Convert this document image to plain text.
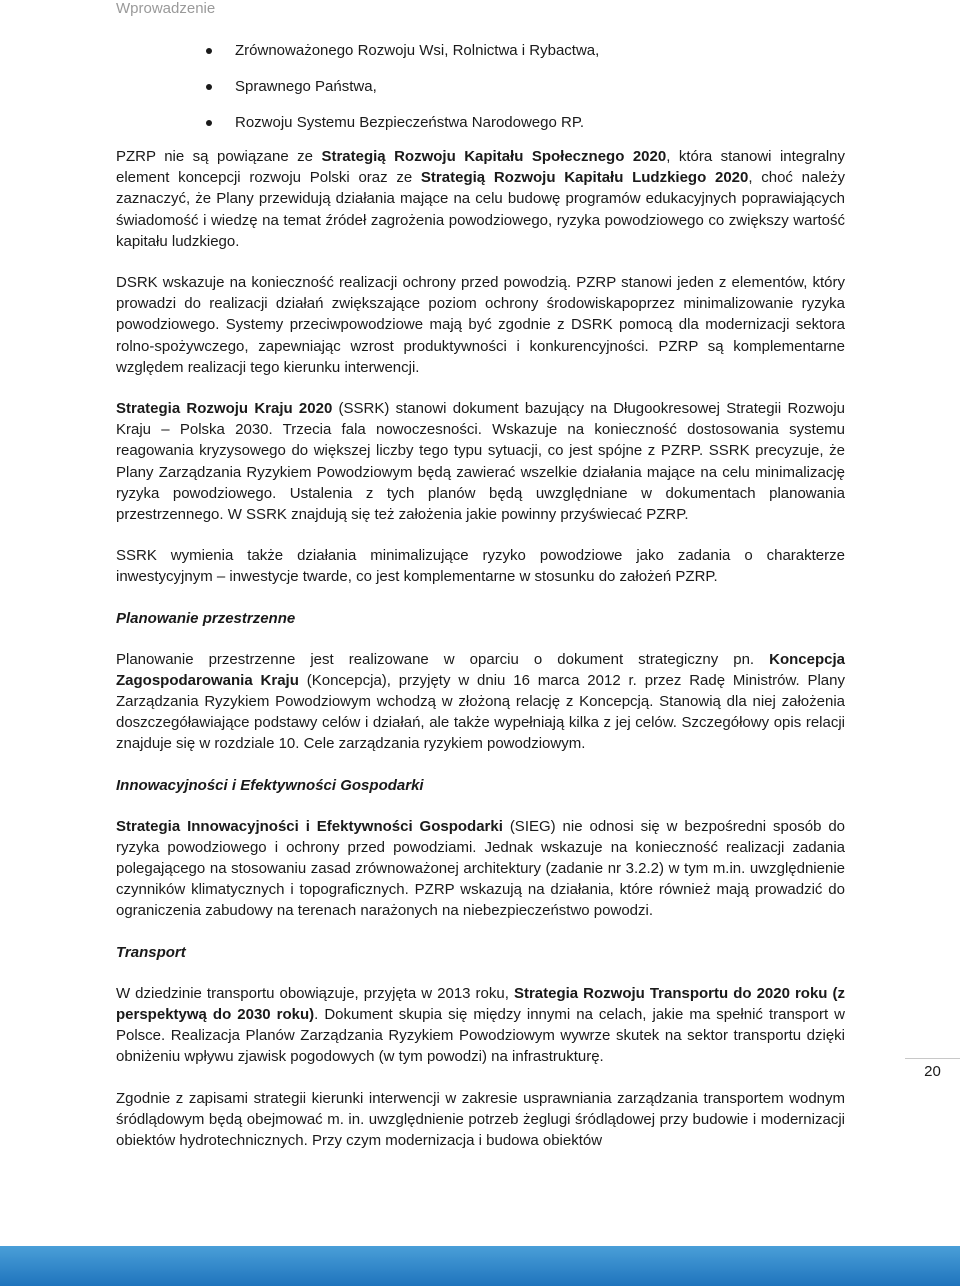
Wprowadzenie
Zrównoważonego Rozwoju Wsi, Rolnictwa i Rybactwa,
Sprawnego Państwa,
Rozwoju Systemu Bezpieczeństwa Narodowego RP.

PZRP nie są powiązane ze Strategią Rozwoju Kapitału Społecznego 2020, która stanowi integralny element koncepcji rozwoju Polski oraz ze Strategią Rozwoju Kapitału Ludzkiego 2020, choć należy zaznaczyć, że Plany przewidują działania mające na celu budowę programów edukacyjnych poprawiających świadomość i wiedzę na temat źródeł zagrożenia powodziowego, ryzyka powodziowego co zwiększy wartość kapitału ludzkiego.

DSRK wskazuje na konieczność realizacji ochrony przed powodzią. PZRP stanowi jeden z elementów, który prowadzi do realizacji działań zwiększające poziom ochrony środowiskapoprzez minimalizowanie ryzyka powodziowego. Systemy przeciwpowodziowe mają być zgodnie z DSRK pomocą dla modernizacji sektora rolno-spożywczego, zapewniając wzrost produktywności i konkurencyjności. PZRP są komplementarne względem realizacji tego kierunku interwencji.

Strategia Rozwoju Kraju 2020 (SSRK) stanowi dokument bazujący na Długookresowej Strategii Rozwoju Kraju – Polska 2030. Trzecia fala nowoczesności. Wskazuje na konieczność dostosowania systemu reagowania kryzysowego do większej liczby tego typu sytuacji, co jest spójne z PZRP. SSRK precyzuje, że Plany Zarządzania Ryzykiem Powodziowym będą zawierać wszelkie działania mające na celu minimalizację ryzyka powodziowego. Ustalenia z tych planów będą uwzględniane w dokumentach planowania przestrzennego. W SSRK znajdują się też założenia jakie powinny przyświecać PZRP.

SSRK wymienia także działania minimalizujące ryzyko powodziowe jako zadania o charakterze inwestycyjnym – inwestycje twarde, co jest komplementarne w stosunku do założeń PZRP.

Planowanie przestrzenne

Planowanie przestrzenne jest realizowane w oparciu o dokument strategiczny pn. Koncepcja Zagospodarowania Kraju (Koncepcja), przyjęty w dniu 16 marca 2012 r. przez Radę Ministrów. Plany Zarządzania Ryzykiem Powodziowym wchodzą w złożoną relację z Koncepcją. Stanowią dla niej założenia doszczegóławiające podstawy celów i działań, ale także wypełniają kilka z jej celów. Szczegółowy opis relacji znajduje się w rozdziale 10. Cele zarządzania ryzykiem powodziowym.

Innowacyjności i Efektywności Gospodarki

Strategia Innowacyjności i Efektywności Gospodarki (SIEG) nie odnosi się w bezpośredni sposób do ryzyka powodziowego i ochrony przed powodziami. Jednak wskazuje na konieczność realizacji zadania polegającego na stosowaniu zasad zrównoważonej architektury (zadanie nr 3.2.2) w tym m.in. uwzględnienie czynników klimatycznych i topograficznych. PZRP wskazują na działania, które również mają prowadzić do ograniczenia zabudowy na terenach narażonych na niebezpieczeństwo powodzi.

Transport

W dziedzinie transportu obowiązuje, przyjęta w 2013 roku, Strategia Rozwoju Transportu do 2020 roku (z perspektywą do 2030 roku). Dokument skupia się między innymi na celach, jakie ma spełnić transport w Polsce. Realizacja Planów Zarządzania Ryzykiem Powodziowym wywrze skutek na sektor transportu dzięki obniżeniu wpływu zjawisk pogodowych (w tym powodzi) na infrastrukturę.

Zgodnie z zapisami strategii kierunki interwencji w zakresie usprawniania zarządzania transportem wodnym śródlądowym będą obejmować m. in. uwzględnienie potrzeb żeglugi śródlądowej przy budowie i modernizacji obiektów hydrotechnicznych. Przy czym modernizacja i budowa obiektów

20
